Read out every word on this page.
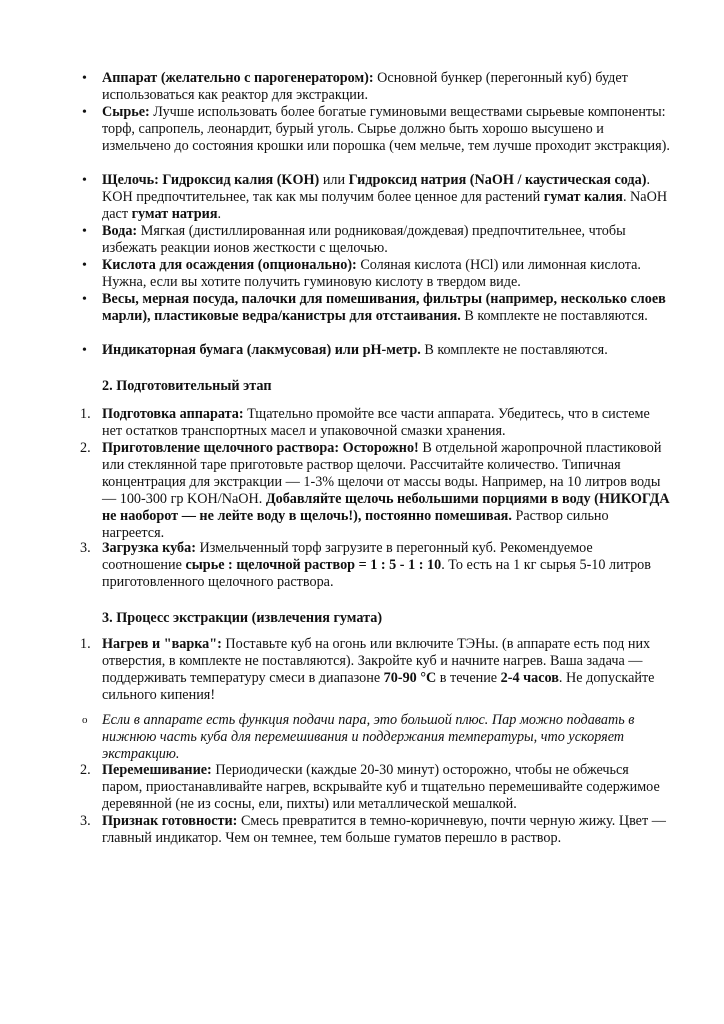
• Аппарат (желательно с парогенератором): Основной бункер (перегонный куб) будет использоваться как реактор для экстракции.
• Сырье: Лучше использовать более богатые гуминовыми веществами сырьевые компоненты: торф, сапропель, леонардит, бурый уголь. Сырье должно быть хорошо высушено и измельчено до состояния крошки или порошка (чем мельче, тем лучше проходит экстракция).
• Щелочь: Гидроксид калия (KOH) или Гидроксид натрия (NaOH / каустическая сода). KOH предпочтительнее, так как мы получим более ценное для растений гумат калия. NaOH даст гумат натрия.
• Вода: Мягкая (дистиллированная или родниковая/дождевая) предпочтительнее, чтобы избежать реакции ионов жесткости с щелочью.
• Кислота для осаждения (опционально): Соляная кислота (HCl) или лимонная кислота. Нужна, если вы хотите получить гуминовую кислоту в твердом виде.
• Весы, мерная посуда, палочки для помешивания, фильтры (например, несколько слоев марли), пластиковые ведра/канистры для отстаивания. В комплекте не поставляются.
• Индикаторная бумага (лакмусовая) или pH-метр. В комплекте не поставляются.
2. Подготовительный этап
1. Подготовка аппарата: Тщательно промойте все части аппарата. Убедитесь, что в системе нет остатков транспортных масел и упаковочной смазки хранения.
2. Приготовление щелочного раствора: Осторожно! В отдельной жаропрочной пластиковой или стеклянной таре приготовьте раствор щелочи. Рассчитайте количество. Типичная концентрация для экстракции — 1-3% щелочи от массы воды. Например, на 10 литров воды — 100-300 гр KOH/NaOH. Добавляйте щелочь небольшими порциями в воду (НИКОГДА не наоборот — не лейте воду в щелочь!), постоянно помешивая. Раствор сильно нагреется.
3. Загрузка куба: Измельченный торф загрузите в перегонный куб. Рекомендуемое соотношение сырье : щелочной раствор = 1 : 5 - 1 : 10. То есть на 1 кг сырья 5-10 литров приготовленного щелочного раствора.
3. Процесс экстракции (извлечения гумата)
1. Нагрев и "варка": Поставьте куб на огонь или включите ТЭНы. (в аппарате есть под них отверстия, в комплекте не поставляются). Закройте куб и начните нагрев. Ваша задача — поддерживать температуру смеси в диапазоне 70-90 °C в течение 2-4 часов. Не допускайте сильного кипения!
o Если в аппарате есть функция подачи пара, это большой плюс. Пар можно подавать в нижнюю часть куба для перемешивания и поддержания температуры, что ускоряет экстракцию.
2. Перемешивание: Периодически (каждые 20-30 минут) осторожно, чтобы не обжечься паром, приостанавливайте нагрев, вскрывайте куб и тщательно перемешивайте содержимое деревянной (не из сосны, ели, пихты) или металлической мешалкой.
3. Признак готовности: Смесь превратится в темно-коричневую, почти черную жижу. Цвет — главный индикатор. Чем он темнее, тем больше гуматов перешло в раствор.
